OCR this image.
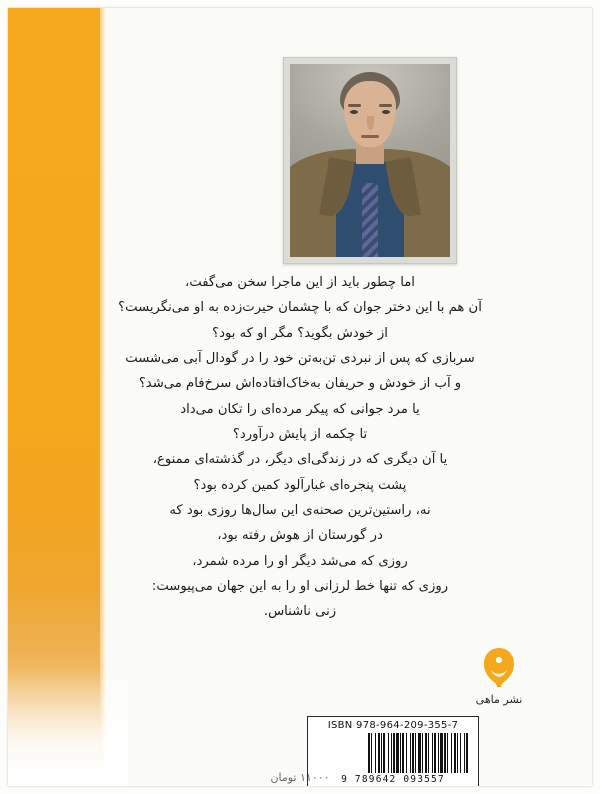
اما چطور باید از این ماجرا سخن می‌گفت،

آن هم با این دختر جوان که با چشمان حیرت‌زده به او می‌نگریست؟

از خودش بگوید؟ مگر او که بود؟

سربازی که پس از نبردی تن‌به‌تن خود را در گودال آبی می‌شست

و آب از خودش و حریفان به‌خاک‌افتاده‌اش سرخ‌فام می‌شد؟

یا مرد جوانی که پیکر مرده‌ای را تکان می‌داد

تا چکمه از پایش درآورد؟

یا آن دیگری که در زندگی‌ای دیگر، در گذشته‌ای ممنوع،

پشت پنجره‌ای غبارآلود کمین کرده بود؟

نه، راستین‌ترین صحنه‌ی این سال‌ها روزی بود که

در گورستان از هوش رفته بود،

روزی که می‌شد دیگر او را مرده شمرد،

روزی که تنها خط لرزانی او را به این جهان می‌پیوست:

زنی ناشناس.

نشر ماهی
ISBN 978-964-209-355-7
9 789642 093557
۱۱۰۰۰ تومان
